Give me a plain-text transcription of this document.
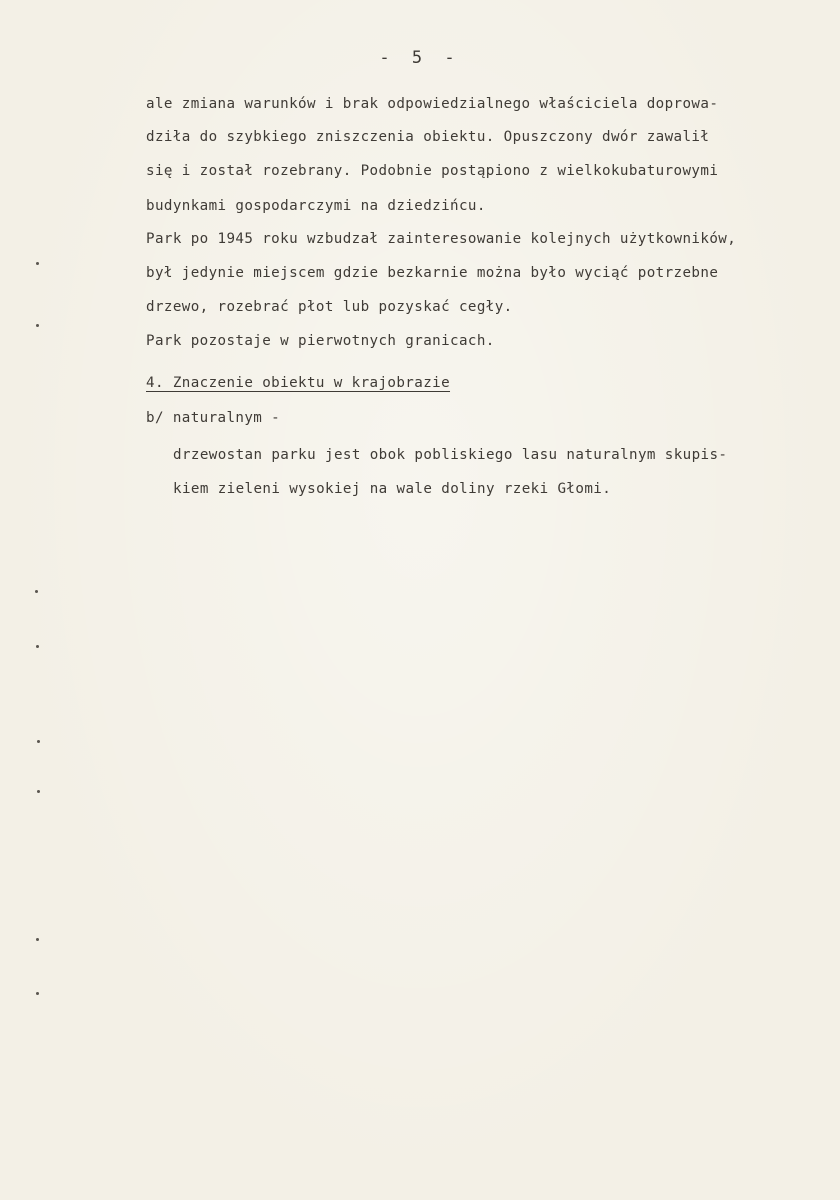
- 5 -
ale zmiana warunków i brak odpowiedzialnego właściciela doprowa-
dziła do szybkiego zniszczenia obiektu. Opuszczony dwór zawalił
się i został rozebrany. Podobnie postąpiono z wielkokubaturowymi
budynkami gospodarczymi na dziedzińcu.
Park po 1945 roku wzbudzał zainteresowanie kolejnych użytkowników,
był jedynie miejscem gdzie bezkarnie można było wyciąć potrzebne
drzewo, rozebrać płot lub pozyskać cegły.
Park pozostaje w pierwotnych granicach.
4. Znaczenie obiektu w krajobrazie
b/ naturalnym -
drzewostan parku jest obok pobliskiego lasu naturalnym skupis-
kiem zieleni wysokiej na wale doliny rzeki Głomi.
